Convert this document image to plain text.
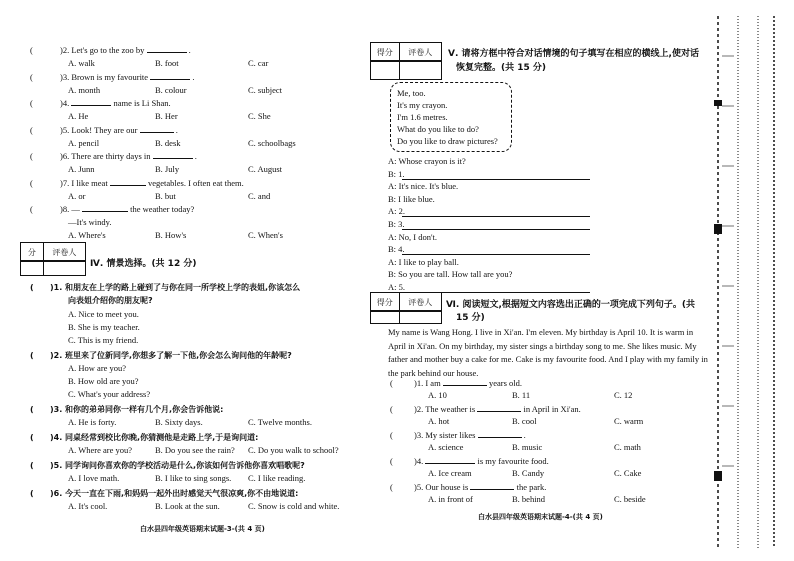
(	)2. Let's go to the zoo by	.
A. walk	B. foot	C. car
(	)3. Brown is my favourite	.
A. month	B. colour	C. subject
(	)4.	name is Li Shan.
A. He	B. Her	C. She
(	)5. Look! They are our	.
A. pencil	B. desk	C. schoolbags
(	)6. There are thirty days in	.
A. Junn	B. July	C. August
(	)7. I like meat	vegetables. I often eat them.
A. or	B. but	C. and
(	)8. —	the weather today?
—It's windy.
A. Where's	B. How's	C. When's
分	评卷人
Ⅳ. 情景选择。(共 12 分)
( )1. 和朋友在上学的路上碰到了与你在同一所学校上学的表姐,你该怎么
向表姐介绍你的朋友呢?
A. Nice to meet you.
B. She is my teacher.
C. This is my friend.
( )2. 班里来了位新同学,你想多了解一下他,你会怎么询问他的年龄呢?
A. How are you?
B. How old are you?
C. What's your address?
( )3. 和你的弟弟同你一样有几个月,你会告诉他说:
A. He is forty.	B. Sixty days.	C. Twelve months.
( )4. 同桌经常到校比你晚,你猜测他是走路上学,于是询问道:
A. Where are you?	B. Do you see the rain? C. Do you walk to school?
( )5. 同学询问你喜欢你的学校活动是什么,你该如何告诉他你喜欢唱歌呢?
A. I love math.	B. I like to sing songs. C. I like reading.
( )6. 今天一直在下雨,和妈妈一起外出时感觉天气很凉爽,你不由地说道:
A. It's cool.	B. Look at the sun.	C. Snow is cold and white.
白水县四年级英语期末试题-3-(共 4 页)
得分	评卷人	Ⅴ. 请将方框中符合对话情境的句子填写在相应的横线上,使对话
恢复完整。(共 15 分)
Me, too.
It's my crayon.
I'm 1.6 metres.
What do you like to do?
Do you like to draw pictures?
A: Whose crayon is it?
B: 1.
A: It's nice. It's blue.
B: I like blue.
A: 2.
B: 3.
A: No, I don't.
B: 4.
A: I like to play ball.
B: So you are tall. How tall are you?
A: 5.
得分	评卷人	Ⅵ. 阅读短文,根据短文内容选出正确的一项完成下列句子。(共
15 分)
My name is Wang Hong. I live in Xi'an. I'm eleven. My birthday is April 10. It is warm in April in Xi'an. On my birthday, my sister sings a birthday song to me. She likes music. My father and mother buy a cake for me. Cake is my favourite food. And I play with my family in the park behind our house.
( )1. I am	years old.
A. 10	B. 11	C. 12
( )2. The weather is	in April in Xi'an.
A. hot	B. cool	C. warm
( )3. My sister likes	.
A. science	B. music	C. math
( )4.	is my favourite food.
A. Ice cream	B. Candy	C. Cake
( )5. Our house is	the park.
A. in front of	B. behind	C. beside
白水县四年级英语期末试题-4-(共 4 页)
